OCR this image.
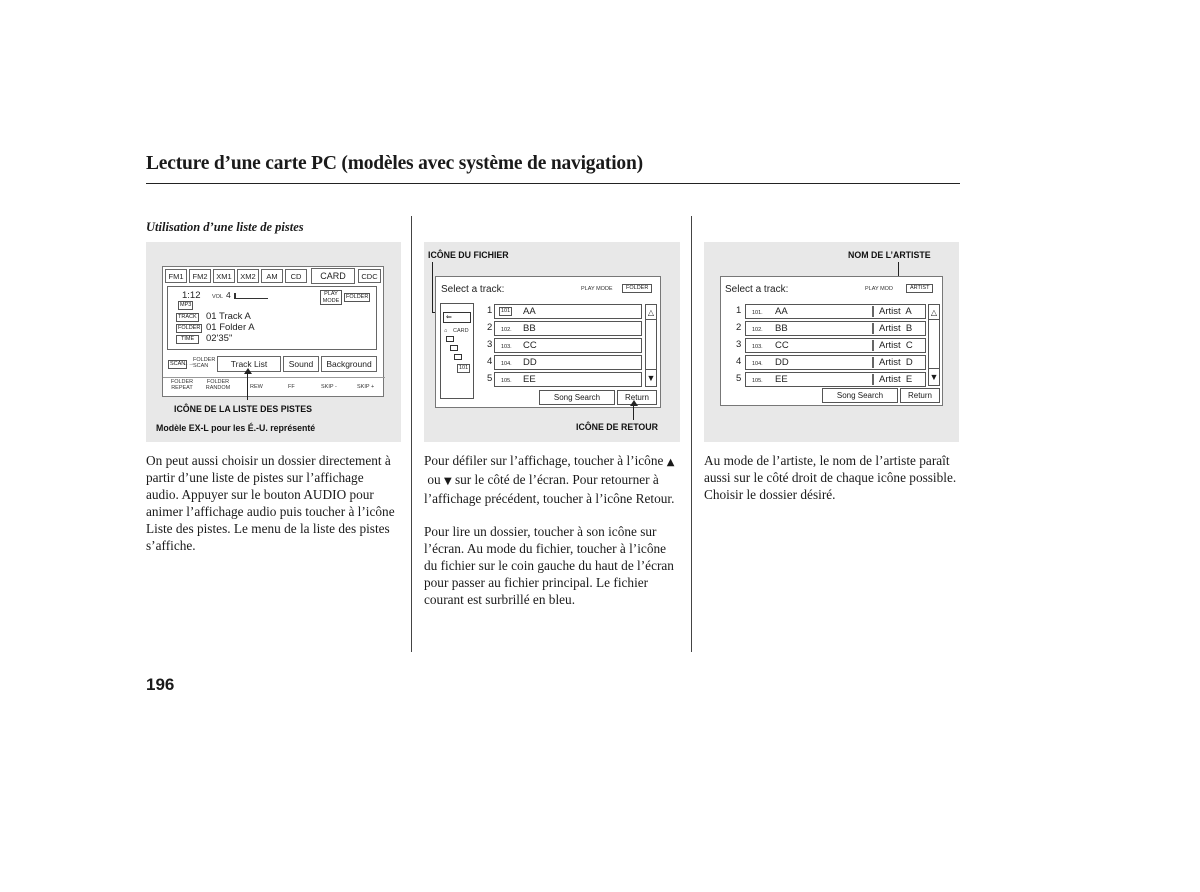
Lecture d’une carte PC (modèles avec système de navigation)
Utilisation d’une liste de pistes
FM1	FM2	XM1	XM2	AM	CD	CARD	CDC
1:12 VOL 4
MP3
PLAY MODE
FOLDER
TRACK 01 Track A
FOLDER 01 Folder A
TIME	02'35"
SCAN
←→
FOLDER SCAN	Track List	Sound	Background
FOLDER REPEAT
FOLDER RANDOM	REW	FF	SKIP -	SKIP +
ICÔNE DE LA LISTE DES PISTES
Modèle EX-L pour les É.-U. représenté
ICÔNE DU FICHIER
Select a track:	PLAY MODE	FOLDER
⇐
⌂ CARD
101
1	101 AA
2 102. BB
3 103. CC
4 104. DD
5 105. EE
△
▼
Song Search	Return
ICÔNE DE RETOUR
NOM DE L’ARTISTE
Select a track:	PLAY MOD	ARTIST
1 101. AA	Artist  A
2 102. BB	Artist  B
3 103. CC	Artist  C
4 104. DD	Artist  D
5 105. EE	Artist  E
△
▼
Song Search	Return

On peut aussi choisir un dossier directement à partir d’une liste de pistes sur l’affichage audio. Appuyer sur le bouton AUDIO pour animer l’affichage audio puis toucher à l’icône Liste des pistes. Le menu de la liste des pistes s’affiche.

Pour défiler sur l’affichage, toucher à l’icône ▲ ou ▼ sur le côté de l’écran. Pour retourner à l’affichage précédent, toucher à l’icône Retour.

Pour lire un dossier, toucher à son icône sur l’écran. Au mode du fichier, toucher à l’icône du fichier sur le coin gauche du haut de l’écran pour passer au fichier principal. Le fichier courant est surbrillé en bleu.

Au mode de l’artiste, le nom de l’artiste paraît aussi sur le côté droit de chaque icône possible. Choisir le dossier désiré.

196
